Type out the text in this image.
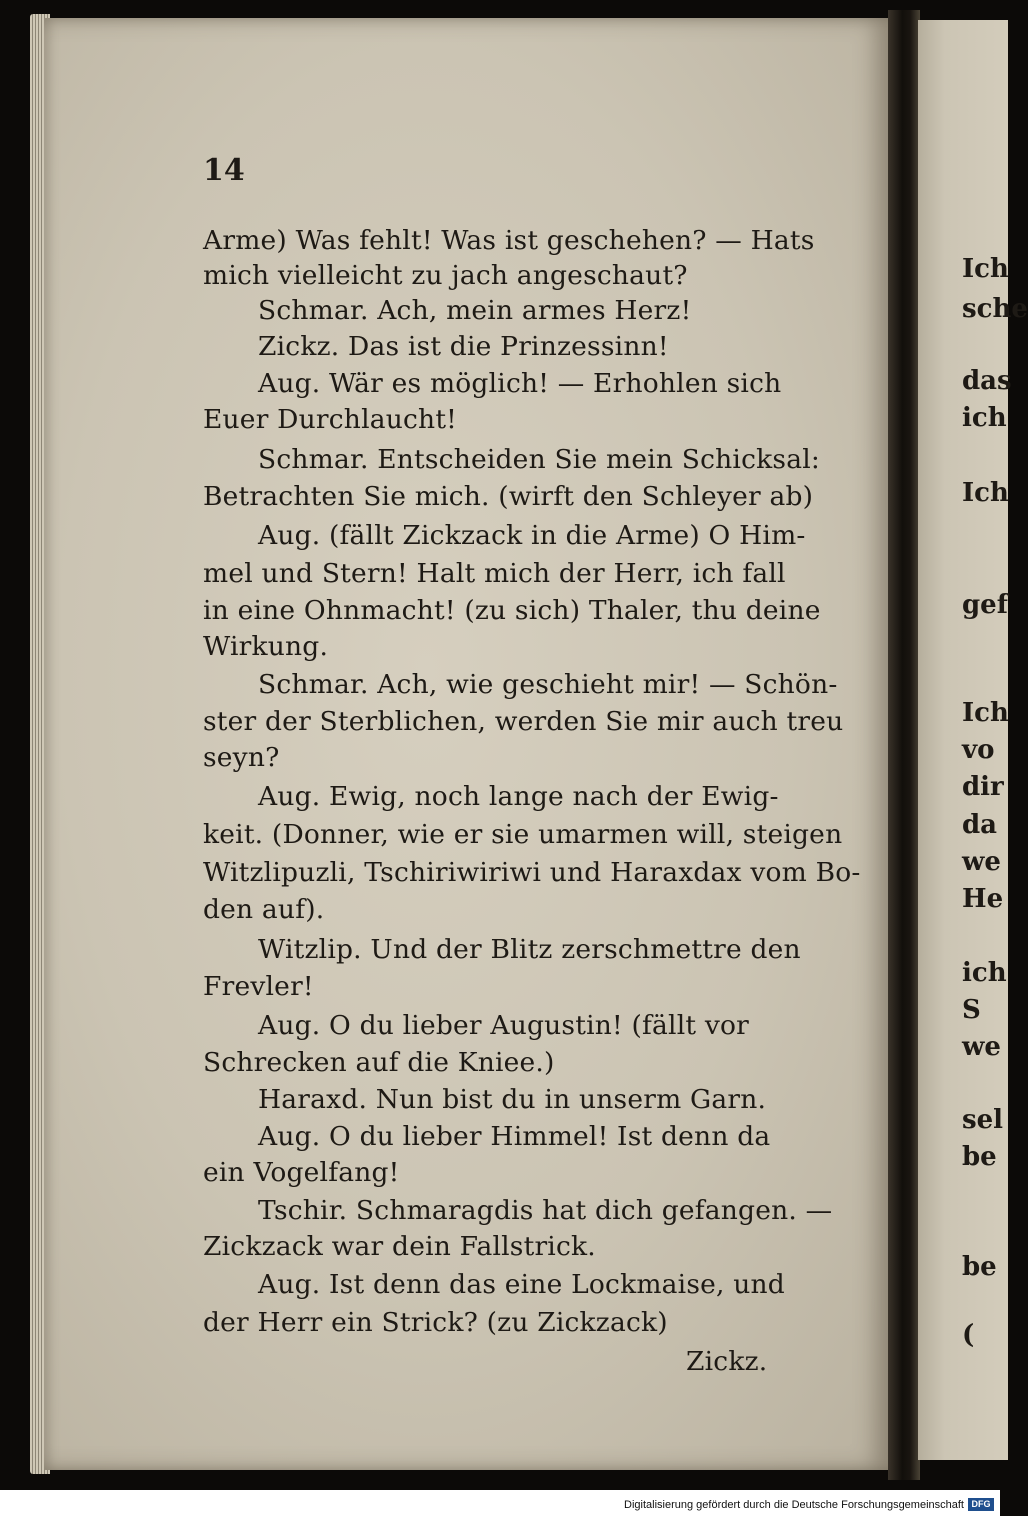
14
Arme) Was fehlt! Was ist geschehen? — Hats
mich vielleicht zu jach angeschaut?
Schmar. Ach, mein armes Herz!
Zickz. Das ist die Prinzessinn!
Aug. Wär es möglich! — Erhohlen sich
Euer Durchlaucht!
Schmar. Entscheiden Sie mein Schicksal:
Betrachten Sie mich. (wirft den Schleyer ab)
Aug. (fällt Zickzack in die Arme) O Him-
mel und Stern! Halt mich der Herr, ich fall
in eine Ohnmacht! (zu sich) Thaler, thu deine
Wirkung.
Schmar. Ach, wie geschieht mir! — Schön-
ster der Sterblichen, werden Sie mir auch treu
seyn?
Aug. Ewig, noch lange nach der Ewig-
keit. (Donner, wie er sie umarmen will, steigen
Witzlipuzli, Tschiriwiriwi und Haraxdax vom Bo-
den auf).
Witzlip. Und der Blitz zerschmettre den
Frevler!
Aug. O du lieber Augustin! (fällt vor
Schrecken auf die Kniee.)
Haraxd. Nun bist du in unserm Garn.
Aug. O du lieber Himmel! Ist denn da
ein Vogelfang!
Tschir. Schmaragdis hat dich gefangen. —
Zickzack war dein Fallstrick.
Aug. Ist denn das eine Lockmaise, und
der Herr ein Strick? (zu Zickzack)
Zickz.
Ich
sche
das
ich
Ich
gef
Ich
vo
dir
da
we
He
ich
S
we
sel
be
be
(
Digitalisierung gefördert durch die Deutsche Forschungsgemeinschaft DFG
